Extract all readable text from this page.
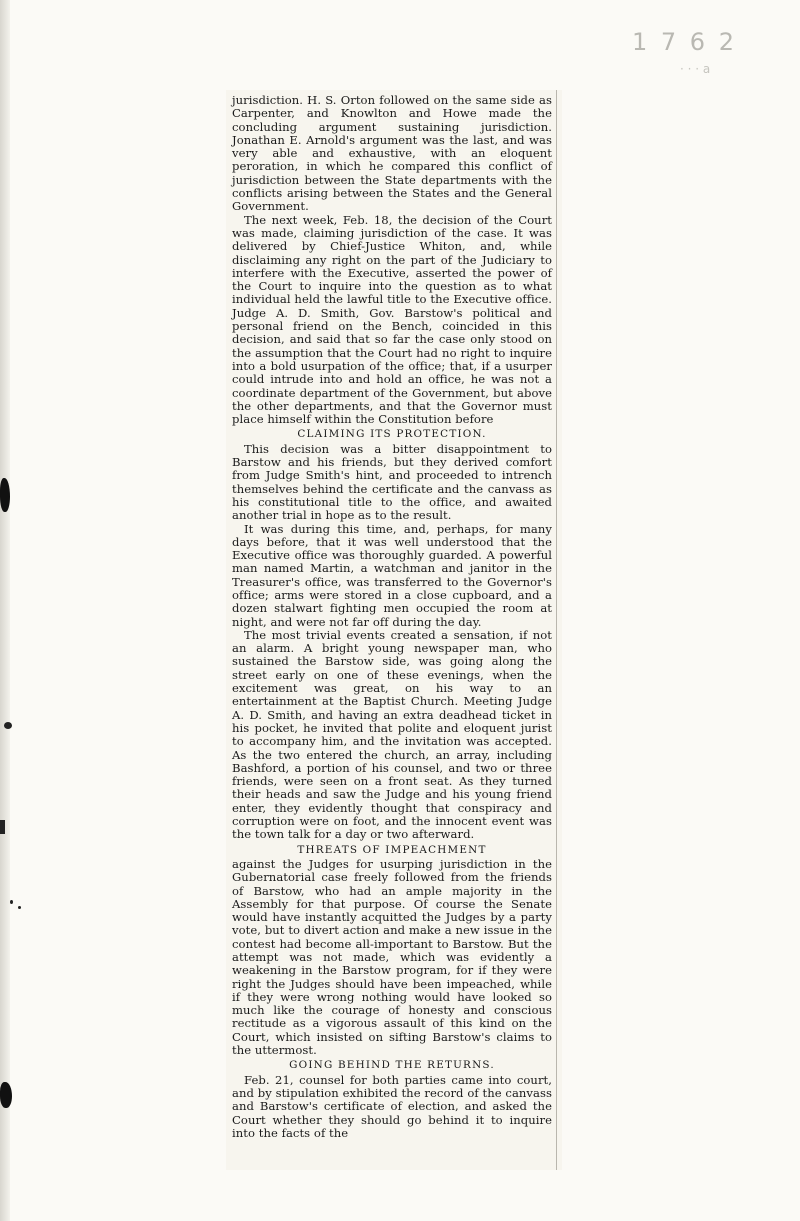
1 7 6 2
· · · a

jurisdiction. H. S. Orton followed on the same side as Carpenter, and Knowlton and Howe made the concluding argument sustaining jurisdiction. Jonathan E. Arnold's argument was the last, and was very able and exhaustive, with an eloquent peroration, in which he compared this conflict of jurisdiction between the State departments with the conflicts arising between the States and the General Government.

The next week, Feb. 18, the decision of the Court was made, claiming jurisdiction of the case. It was delivered by Chief-Justice Whiton, and, while disclaiming any right on the part of the Judiciary to interfere with the Executive, asserted the power of the Court to inquire into the question as to what individual held the lawful title to the Executive office. Judge A. D. Smith, Gov. Barstow's political and personal friend on the Bench, coincided in this decision, and said that so far the case only stood on the assumption that the Court had no right to inquire into a bold usurpation of the office; that, if a usurper could intrude into and hold an office, he was not a coordinate department of the Government, but above the other departments, and that the Governor must place himself within the Constitution before

CLAIMING ITS PROTECTION.

This decision was a bitter disappointment to Barstow and his friends, but they derived comfort from Judge Smith's hint, and proceeded to intrench themselves behind the certificate and the canvass as his constitutional title to the office, and awaited another trial in hope as to the result.

It was during this time, and, perhaps, for many days before, that it was well understood that the Executive office was thoroughly guarded. A powerful man named Martin, a watchman and janitor in the Treasurer's office, was transferred to the Governor's office; arms were stored in a close cupboard, and a dozen stalwart fighting men occupied the room at night, and were not far off during the day.

The most trivial events created a sensation, if not an alarm. A bright young newspaper man, who sustained the Barstow side, was going along the street early on one of these evenings, when the excitement was great, on his way to an entertainment at the Baptist Church. Meeting Judge A. D. Smith, and having an extra deadhead ticket in his pocket, he invited that polite and eloquent jurist to accompany him, and the invitation was accepted. As the two entered the church, an array, including Bashford, a portion of his counsel, and two or three friends, were seen on a front seat. As they turned their heads and saw the Judge and his young friend enter, they evidently thought that conspiracy and corruption were on foot, and the innocent event was the town talk for a day or two afterward.

THREATS OF IMPEACHMENT

against the Judges for usurping jurisdiction in the Gubernatorial case freely followed from the friends of Barstow, who had an ample majority in the Assembly for that purpose. Of course the Senate would have instantly acquitted the Judges by a party vote, but to divert action and make a new issue in the contest had become all-important to Barstow. But the attempt was not made, which was evidently a weakening in the Barstow program, for if they were right the Judges should have been impeached, while if they were wrong nothing would have looked so much like the courage of honesty and conscious rectitude as a vigorous assault of this kind on the Court, which insisted on sifting Barstow's claims to the uttermost.

GOING BEHIND THE RETURNS.

Feb. 21, counsel for both parties came into court, and by stipulation exhibited the record of the canvass and Barstow's certificate of election, and asked the Court whether they should go behind it to inquire into the facts of the
